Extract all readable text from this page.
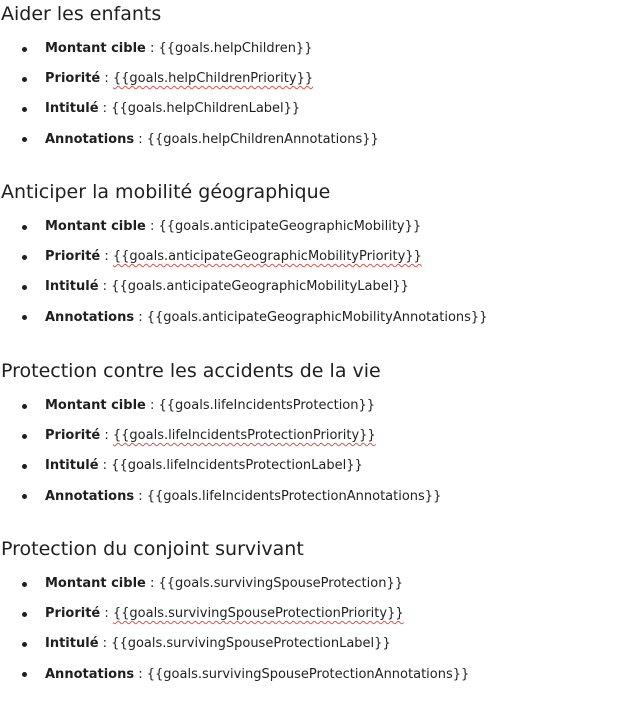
Aider les enfants
Montant cible : {{goals.helpChildren}}
Priorité : {{goals.helpChildrenPriority}}
Intitulé : {{goals.helpChildrenLabel}}
Annotations : {{goals.helpChildrenAnnotations}}
Anticiper la mobilité géographique
Montant cible : {{goals.anticipateGeographicMobility}}
Priorité : {{goals.anticipateGeographicMobilityPriority}}
Intitulé : {{goals.anticipateGeographicMobilityLabel}}
Annotations : {{goals.anticipateGeographicMobilityAnnotations}}
Protection contre les accidents de la vie
Montant cible : {{goals.lifeIncidentsProtection}}
Priorité : {{goals.lifeIncidentsProtectionPriority}}
Intitulé : {{goals.lifeIncidentsProtectionLabel}}
Annotations : {{goals.lifeIncidentsProtectionAnnotations}}
Protection du conjoint survivant
Montant cible : {{goals.survivingSpouseProtection}}
Priorité : {{goals.survivingSpouseProtectionPriority}}
Intitulé : {{goals.survivingSpouseProtectionLabel}}
Annotations : {{goals.survivingSpouseProtectionAnnotations}}
